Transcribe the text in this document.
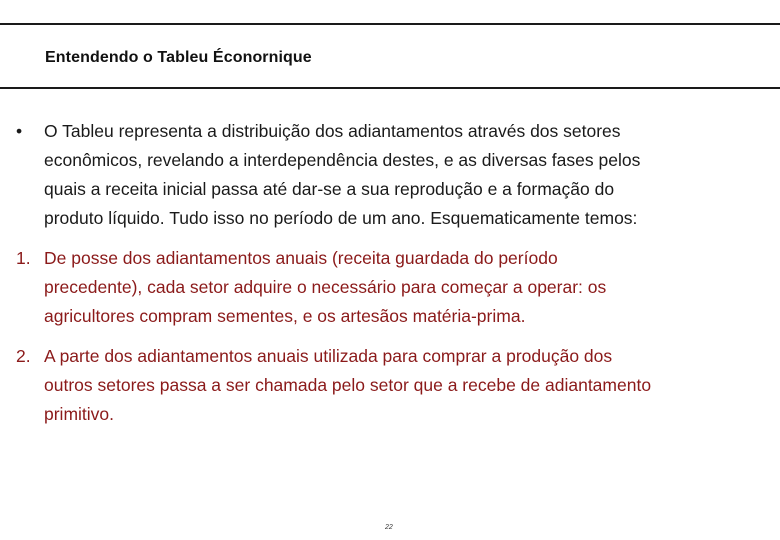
Entendendo o Tableu Éconornique
•	O Tableu representa a distribuição dos adiantamentos através dos setores econômicos, revelando a interdependência destes, e as diversas fases pelos quais a receita inicial passa até dar-se a sua reprodução e a formação do produto líquido. Tudo isso no período de um ano. Esquematicamente temos:
1. De posse dos adiantamentos anuais (receita guardada do período precedente), cada setor adquire o necessário para começar a operar: os agricultores compram sementes, e os artesãos matéria-prima.
2. A parte dos adiantamentos anuais utilizada para comprar a produção dos outros setores passa a ser chamada pelo setor que a recebe de adiantamento primitivo.
22
